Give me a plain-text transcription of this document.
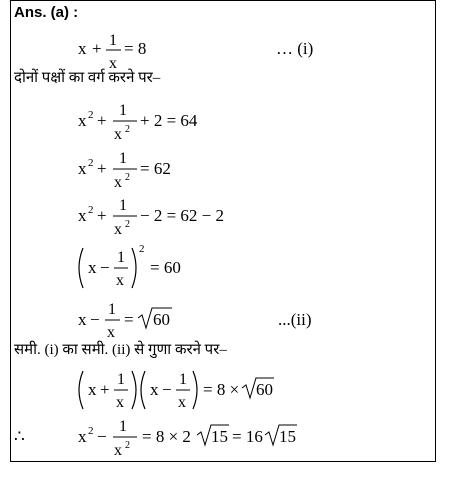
Ans. (a) :
x + 1
x
= 8	… (i)
दोनों पक्षों का वर्ग करने पर–
x 2 +
1
x 2 + 2 = 64
x 2 +
1
x 2 = 62
x 2 +
1
x 2 − 2 = 62 − 2
x −
1
x
2
= 60
x −
1
x
= 60	...(ii)
समी. (i) का समी. (ii) से गुणा करने पर–
x +
1
x
x −
1
x
= 8 × 60
∴	x 2 −
1
x 2 = 8 × 2 15 = 16 15
